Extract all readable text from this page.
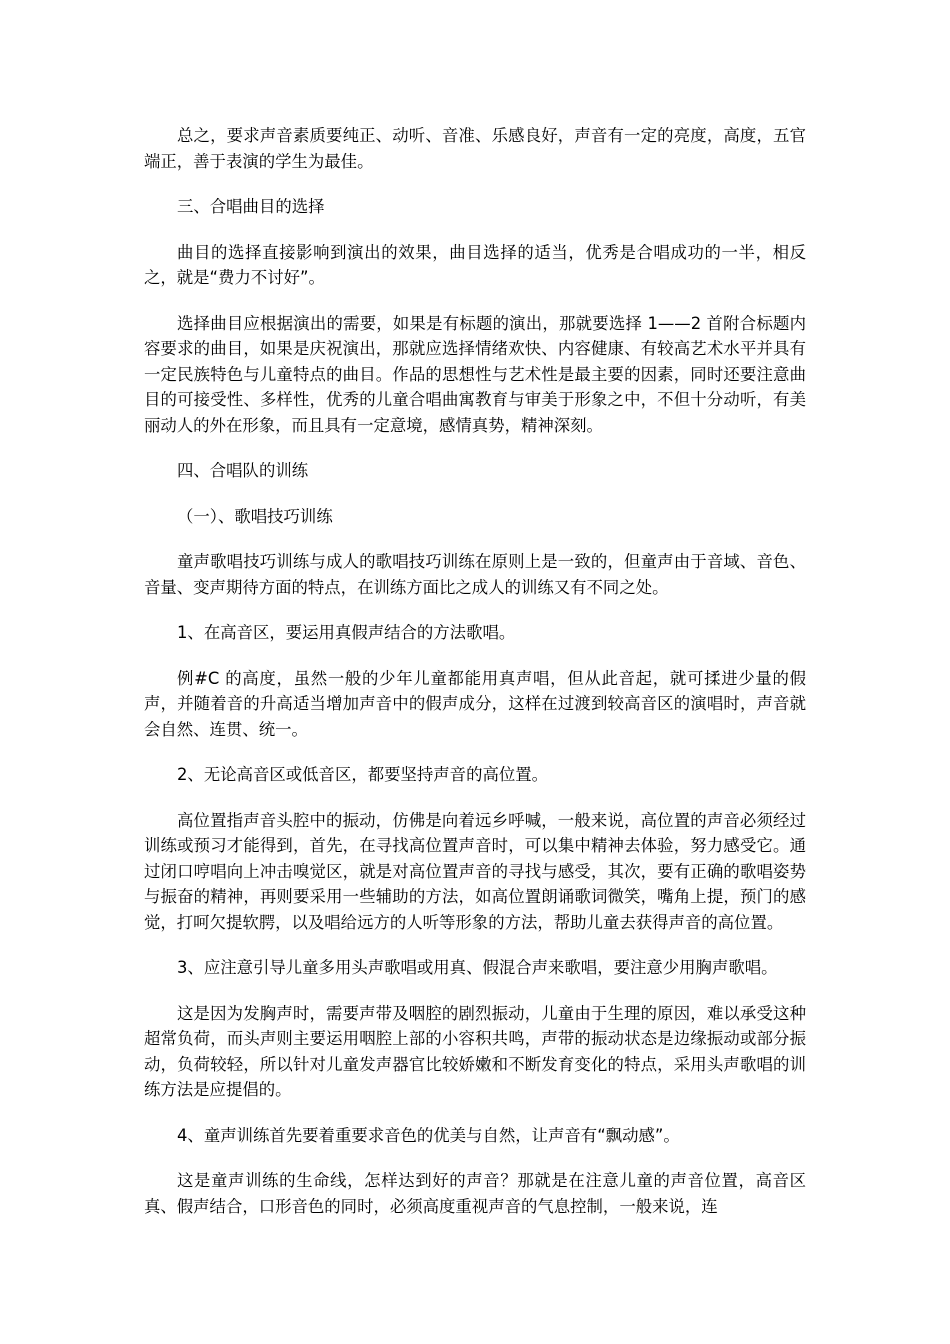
总之，要求声音素质要纯正、动听、音准、乐感良好，声音有一定的亮度，高度，五官端正，善于表演的学生为最佳。

三、合唱曲目的选择

曲目的选择直接影响到演出的效果，曲目选择的适当，优秀是合唱成功的一半，相反之，就是“费力不讨好”。

选择曲目应根据演出的需要，如果是有标题的演出，那就要选择 1——2 首附合标题内容要求的曲目，如果是庆祝演出，那就应选择情绪欢快、内容健康、有较高艺术水平并具有一定民族特色与儿童特点的曲目。作品的思想性与艺术性是最主要的因素，同时还要注意曲目的可接受性、多样性，优秀的儿童合唱曲寓教育与审美于形象之中，不但十分动听，有美丽动人的外在形象，而且具有一定意境，感情真势，精神深刻。

四、合唱队的训练

（一）、歌唱技巧训练

童声歌唱技巧训练与成人的歌唱技巧训练在原则上是一致的，但童声由于音域、音色、音量、变声期待方面的特点，在训练方面比之成人的训练又有不同之处。

1、在高音区，要运用真假声结合的方法歌唱。

例#C 的高度，虽然一般的少年儿童都能用真声唱，但从此音起，就可揉进少量的假声，并随着音的升高适当增加声音中的假声成分，这样在过渡到较高音区的演唱时，声音就会自然、连贯、统一。

2、无论高音区或低音区，都要坚持声音的高位置。

高位置指声音头腔中的振动，仿佛是向着远乡呼喊，一般来说，高位置的声音必须经过训练或预习才能得到，首先，在寻找高位置声音时，可以集中精神去体验，努力感受它。通过闭口哼唱向上冲击嗅觉区，就是对高位置声音的寻找与感受，其次，要有正确的歌唱姿势与振奋的精神，再则要采用一些辅助的方法，如高位置朗诵歌词微笑，嘴角上提，预门的感觉，打呵欠提软腭，以及唱给远方的人听等形象的方法，帮助儿童去获得声音的高位置。

3、应注意引导儿童多用头声歌唱或用真、假混合声来歌唱，要注意少用胸声歌唱。

这是因为发胸声时，需要声带及咽腔的剧烈振动，儿童由于生理的原因，难以承受这种超常负荷，而头声则主要运用咽腔上部的小容积共鸣，声带的振动状态是边缘振动或部分振动，负荷较轻，所以针对儿童发声器官比较娇嫩和不断发育变化的特点，采用头声歌唱的训练方法是应提倡的。

4、童声训练首先要着重要求音色的优美与自然，让声音有“飘动感”。

这是童声训练的生命线，怎样达到好的声音？那就是在注意儿童的声音位置，高音区真、假声结合，口形音色的同时，必须高度重视声音的气息控制，一般来说，连
